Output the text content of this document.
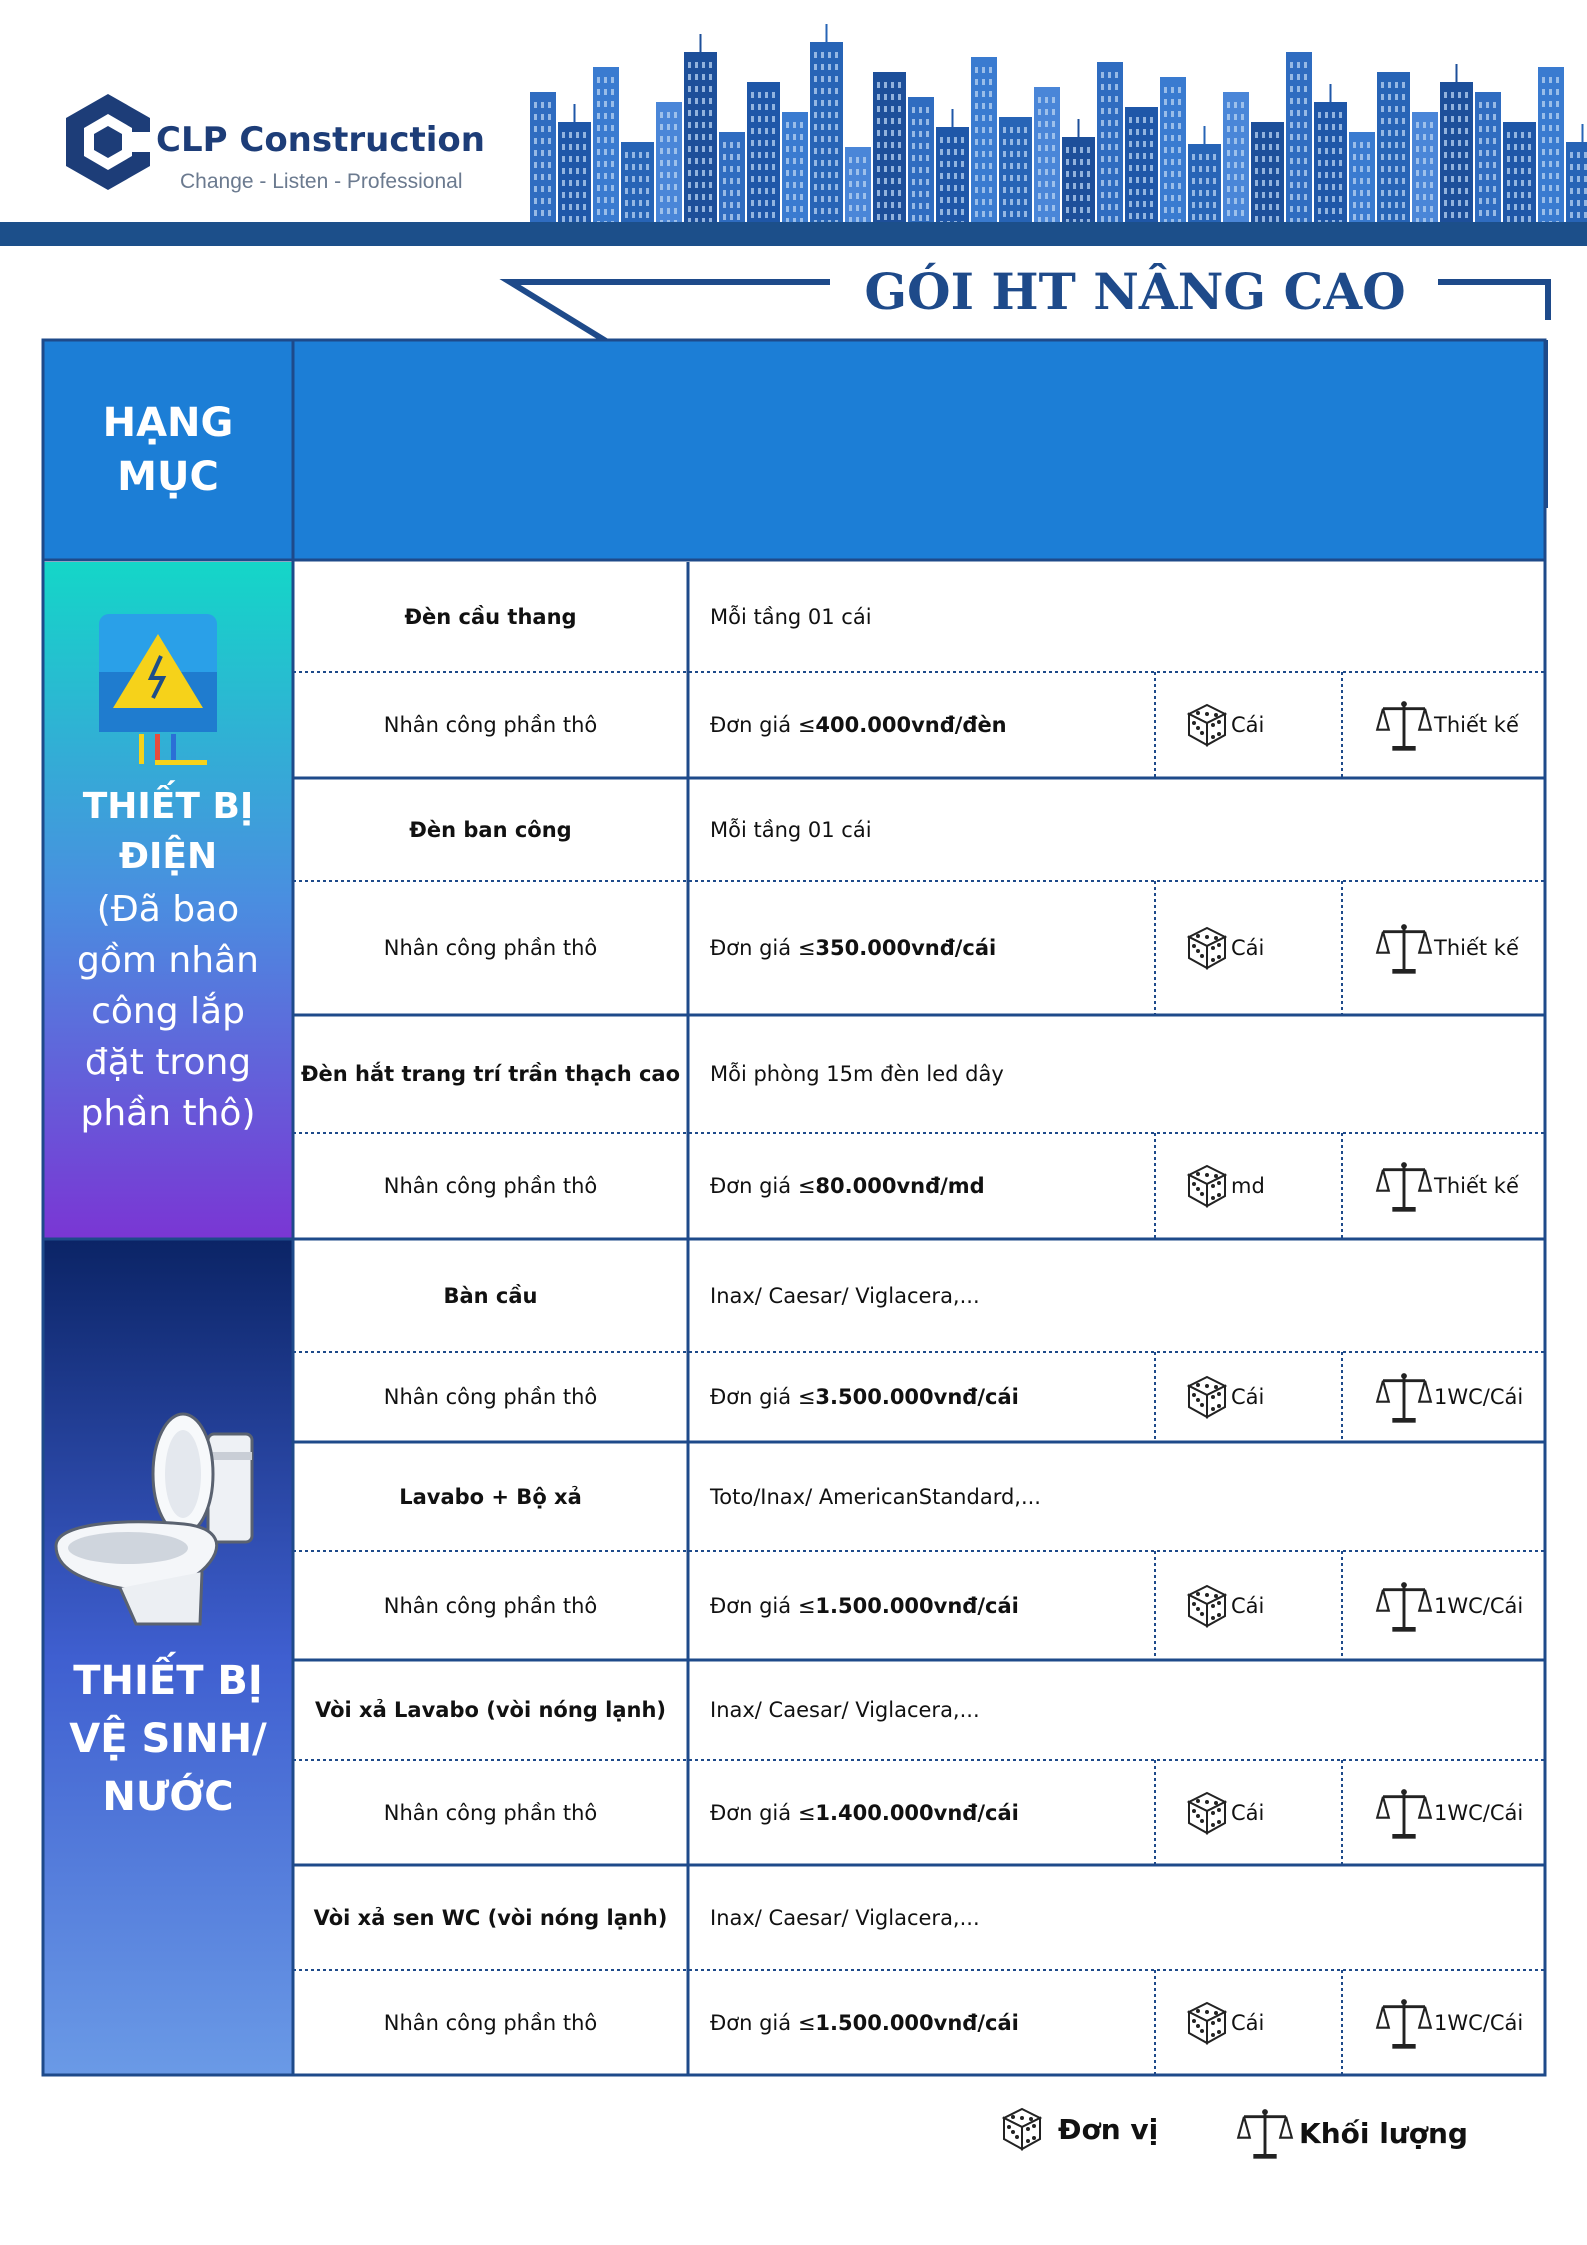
CLP Construction
Change - Listen - Professional
GÓI HT NÂNG CAO
HẠNG
MỤC
THIẾT BỊ
ĐIỆN
(Đã bao
gồm nhân
công lắp
đặt trong
phần thô)

THIẾT BỊ
VỆ SINH/
NƯỚC

Đèn cầu thang	Mỗi tầng 01 cái
Nhân công phần thô	Đơn giá ≤ 400.000vnđ/đèn	Cái	Thiết kế
Đèn ban công	Mỗi tầng 01 cái
Nhân công phần thô	Đơn giá ≤ 350.000vnđ/cái	Cái	Thiết kế
Đèn hắt trang trí trần thạch cao	Mỗi phòng 15m đèn led dây
Nhân công phần thô	Đơn giá ≤ 80.000vnđ/md	md	Thiết kế
Bàn cầu	Inax/ Caesar/ Viglacera,...
Nhân công phần thô	Đơn giá ≤ 3.500.000vnđ/cái	Cái	1WC/Cái
Lavabo + Bộ xả	Toto/Inax/ AmericanStandard,...
Nhân công phần thô	Đơn giá ≤ 1.500.000vnđ/cái	Cái	1WC/Cái
Vòi xả Lavabo (vòi nóng lạnh)	Inax/ Caesar/ Viglacera,...
Nhân công phần thô	Đơn giá ≤ 1.400.000vnđ/cái	Cái	1WC/Cái
Vòi xả sen WC (vòi nóng lạnh)	Inax/ Caesar/ Viglacera,...
Nhân công phần thô	Đơn giá ≤ 1.500.000vnđ/cái	Cái	1WC/Cái
Đơn vị	Khối lượng
